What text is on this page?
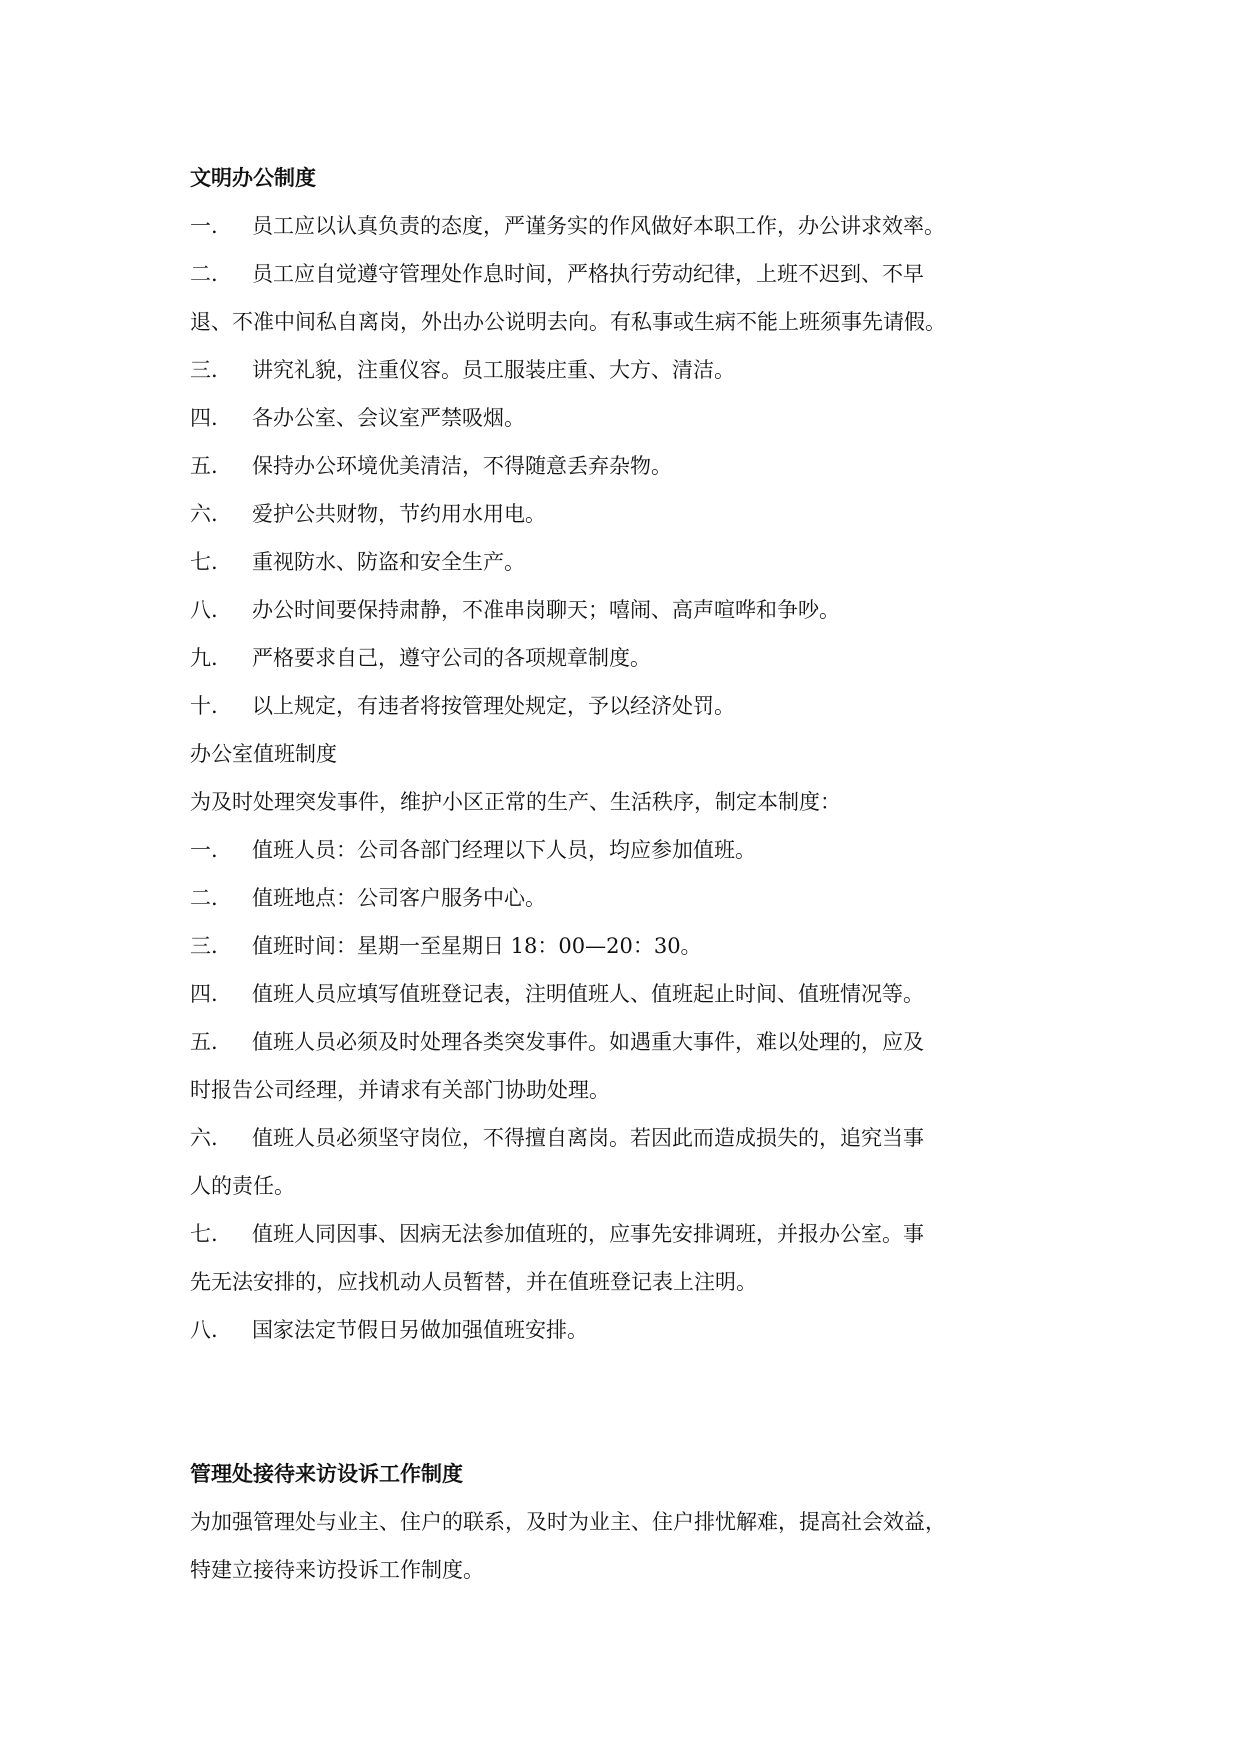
文明办公制度
一. 员工应以认真负责的态度，严谨务实的作风做好本职工作，办公讲求效率。
二. 员工应自觉遵守管理处作息时间，严格执行劳动纪律，上班不迟到、不早
退、不准中间私自离岗，外出办公说明去向。有私事或生病不能上班须事先请假。
三. 讲究礼貌，注重仪容。员工服装庄重、大方、清洁。
四. 各办公室、会议室严禁吸烟。
五. 保持办公环境优美清洁，不得随意丢弃杂物。
六. 爱护公共财物，节约用水用电。
七. 重视防水、防盗和安全生产。
八. 办公时间要保持肃静，不准串岗聊天；嘻闹、高声喧哗和争吵。
九. 严格要求自己，遵守公司的各项规章制度。
十. 以上规定，有违者将按管理处规定，予以经济处罚。
办公室值班制度
为及时处理突发事件，维护小区正常的生产、生活秩序，制定本制度：
一. 值班人员：公司各部门经理以下人员，均应参加值班。
二. 值班地点：公司客户服务中心。
三. 值班时间：星期一至星期日 18：00—20：30。
四. 值班人员应填写值班登记表，注明值班人、值班起止时间、值班情况等。
五. 值班人员必须及时处理各类突发事件。如遇重大事件，难以处理的，应及
时报告公司经理，并请求有关部门协助处理。
六. 值班人员必须坚守岗位，不得擅自离岗。若因此而造成损失的，追究当事
人的责任。
七. 值班人同因事、因病无法参加值班的，应事先安排调班，并报办公室。事
先无法安排的，应找机动人员暂替，并在值班登记表上注明。
八. 国家法定节假日另做加强值班安排。
管理处接待来访设诉工作制度
为加强管理处与业主、住户的联系，及时为业主、住户排忧解难，提高社会效益，
特建立接待来访投诉工作制度。
